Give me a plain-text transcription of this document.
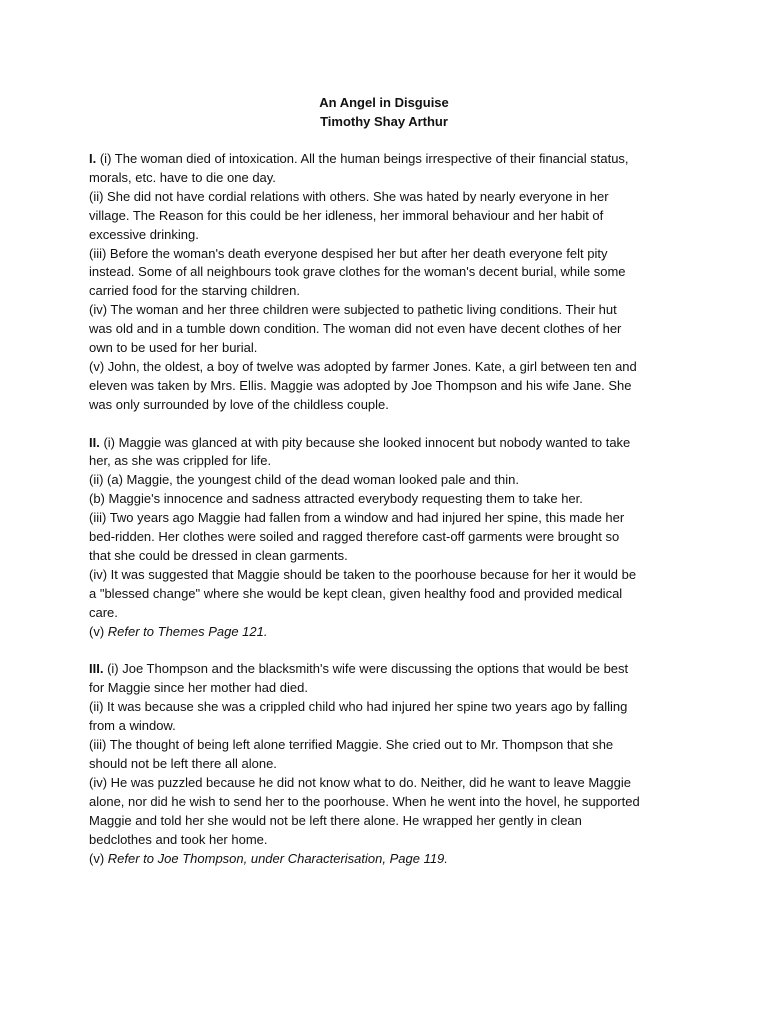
An Angel in Disguise
Timothy Shay Arthur
I. (i) The woman died of intoxication. All the human beings irrespective of their financial status,
morals, etc. have to die one day.
(ii) She did not have cordial relations with others. She was hated by nearly everyone in her
village. The Reason for this could be her idleness, her immoral behaviour and her habit of
excessive drinking.
(iii) Before the woman's death everyone despised her but after her death everyone felt pity
instead. Some of all neighbours took grave clothes for the woman's decent burial, while some
carried food for the starving children.
(iv) The woman and her three children were subjected to pathetic living conditions. Their hut
was old and in a tumble down condition. The woman did not even have decent clothes of her
own to be used for her burial.
(v) John, the oldest, a boy of twelve was adopted by farmer Jones. Kate, a girl between ten and
eleven was taken by Mrs. Ellis. Maggie was adopted by Joe Thompson and his wife Jane. She
was only surrounded by love of the childless couple.
II. (i) Maggie was glanced at with pity because she looked innocent but nobody wanted to take
her, as she was crippled for life.
(ii) (a) Maggie, the youngest child of the dead woman looked pale and thin.
(b) Maggie's innocence and sadness attracted everybody requesting them to take her.
(iii) Two years ago Maggie had fallen from a window and had injured her spine, this made her
bed-ridden. Her clothes were soiled and ragged therefore cast-off garments were brought so
that she could be dressed in clean garments.
(iv) It was suggested that Maggie should be taken to the poorhouse because for her it would be
a "blessed change" where she would be kept clean, given healthy food and provided medical
care.
(v) Refer to Themes Page 121.
III. (i) Joe Thompson and the blacksmith's wife were discussing the options that would be best
for Maggie since her mother had died.
(ii) It was because she was a crippled child who had injured her spine two years ago by falling
from a window.
(iii) The thought of being left alone terrified Maggie. She cried out to Mr. Thompson that she
should not be left there all alone.
(iv) He was puzzled because he did not know what to do. Neither, did he want to leave Maggie
alone, nor did he wish to send her to the poorhouse. When he went into the hovel, he supported
Maggie and told her she would not be left there alone. He wrapped her gently in clean
bedclothes and took her home.
(v) Refer to Joe Thompson, under Characterisation, Page 119.
